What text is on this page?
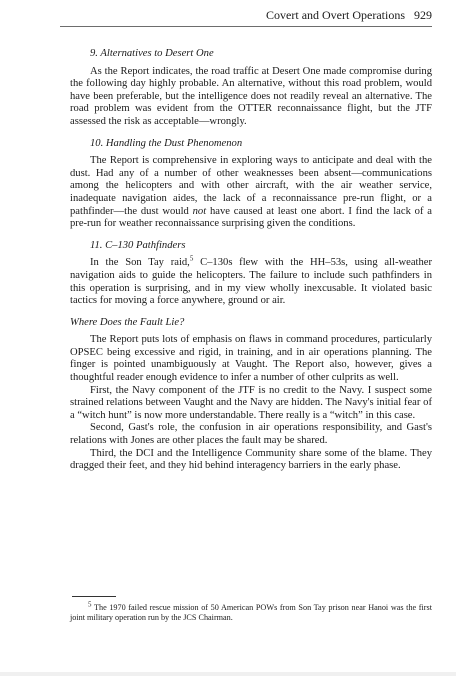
Covert and Overt Operations 929
9. Alternatives to Desert One

As the Report indicates, the road traffic at Desert One made compromise during the following day highly probable. An alternative, without this road problem, would have been preferable, but the intelligence does not readily reveal an alternative. The road problem was evident from the OTTER reconnaissance flight, but the JTF assessed the risk as acceptable—wrongly.

10. Handling the Dust Phenomenon

The Report is comprehensive in exploring ways to anticipate and deal with the dust. Had any of a number of other weaknesses been absent—communications among the helicopters and with other aircraft, with the air weather service, inadequate navigation aides, the lack of a reconnaissance pre-run flight, or a pathfinder—the dust would not have caused at least one abort. I find the lack of a pre-run for weather reconnaissance surprising given the conditions.

11. C–130 Pathfinders

In the Son Tay raid,$^5$ C–130s flew with the HH–53s, using all-weather navigation aids to guide the helicopters. The failure to include such pathfinders in this operation is surprising, and in my view wholly inexcusable. It violated basic tactics for moving a force anywhere, ground or air.

Where Does the Fault Lie?

The Report puts lots of emphasis on flaws in command procedures, particularly OPSEC being excessive and rigid, in training, and in air operations planning. The finger is pointed unambiguously at Vaught. The Report also, however, gives a thoughtful reader enough evidence to infer a number of other culprits as well.

First, the Navy component of the JTF is no credit to the Navy. I suspect some strained relations between Vaught and the Navy are hidden. The Navy's initial fear of a “witch hunt” is now more understandable. There really is a “witch” in this case.

Second, Gast's role, the confusion in air operations responsibility, and Gast's relations with Jones are other places the fault may be shared.

Third, the DCI and the Intelligence Community share some of the blame. They dragged their feet, and they hid behind interagency barriers in the early phase.

$^5$ The 1970 failed rescue mission of 50 American POWs from Son Tay prison near Hanoi was the first joint military operation run by the JCS Chairman.
